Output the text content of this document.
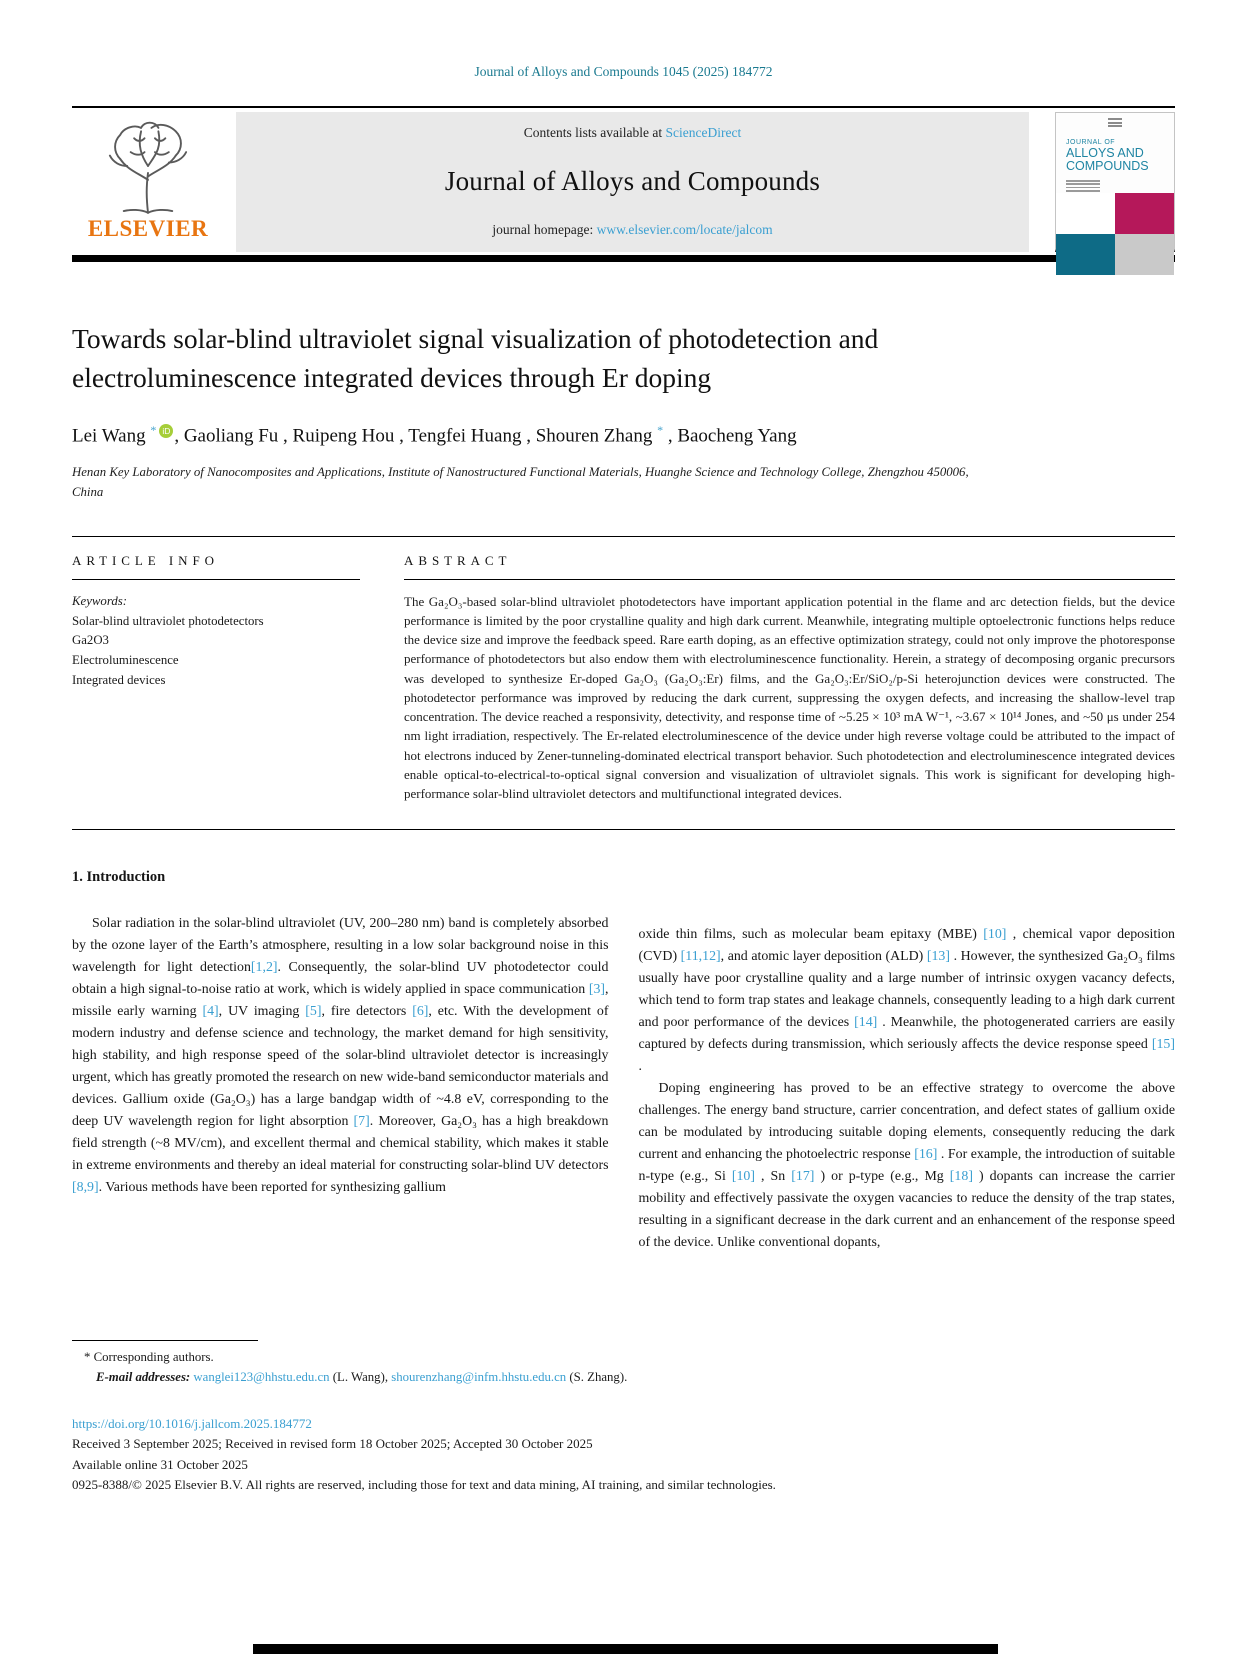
Journal of Alloys and Compounds 1045 (2025) 184772
ELSEVIER
Contents lists available at ScienceDirect
Journal of Alloys and Compounds
journal homepage: www.elsevier.com/locate/jalcom
JOURNAL OF
ALLOYS AND
COMPOUNDS
Towards solar-blind ultraviolet signal visualization of photodetection and electroluminescence integrated devices through Er doping
Lei Wang * iD , Gaoliang Fu , Ruipeng Hou , Tengfei Huang , Shouren Zhang * , Baocheng Yang
Henan Key Laboratory of Nanocomposites and Applications, Institute of Nanostructured Functional Materials, Huanghe Science and Technology College, Zhengzhou 450006, China
ARTICLE INFO
Keywords:
Solar-blind ultraviolet photodetectors
Ga2O3
Electroluminescence
Integrated devices
ABSTRACT
The Ga₂O₃-based solar-blind ultraviolet photodetectors have important application potential in the flame and arc detection fields, but the device performance is limited by the poor crystalline quality and high dark current. Meanwhile, integrating multiple optoelectronic functions helps reduce the device size and improve the feedback speed. Rare earth doping, as an effective optimization strategy, could not only improve the photoresponse performance of photodetectors but also endow them with electroluminescence functionality. Herein, a strategy of decomposing organic precursors was developed to synthesize Er-doped Ga₂O₃ (Ga₂O₃:Er) films, and the Ga₂O₃:Er/SiO₂/p-Si heterojunction devices were constructed. The photodetector performance was improved by reducing the dark current, suppressing the oxygen defects, and increasing the shallow-level trap concentration. The device reached a responsivity, detectivity, and response time of ~5.25 × 10³ mA W⁻¹, ~3.67 × 10¹⁴ Jones, and ~50 μs under 254 nm light irradiation, respectively. The Er-related electroluminescence of the device under high reverse voltage could be attributed to the impact of hot electrons induced by Zener-tunneling-dominated electrical transport behavior. Such photodetection and electroluminescence integrated devices enable optical-to-electrical-to-optical signal conversion and visualization of ultraviolet signals. This work is significant for developing high-performance solar-blind ultraviolet detectors and multifunctional integrated devices.
1. Introduction

Solar radiation in the solar-blind ultraviolet (UV, 200–280 nm) band is completely absorbed by the ozone layer of the Earth’s atmosphere, resulting in a low solar background noise in this wavelength for light detection[1,2]. Consequently, the solar-blind UV photodetector could obtain a high signal-to-noise ratio at work, which is widely applied in space communication [3], missile early warning [4], UV imaging [5], fire detectors [6], etc. With the development of modern industry and defense science and technology, the market demand for high sensitivity, high stability, and high response speed of the solar-blind ultraviolet detector is increasingly urgent, which has greatly promoted the research on new wide-band semiconductor materials and devices. Gallium oxide (Ga₂O₃) has a large bandgap width of ~4.8 eV, corresponding to the deep UV wavelength region for light absorption [7]. Moreover, Ga₂O₃ has a high breakdown field strength (~8 MV/cm), and excellent thermal and chemical stability, which makes it stable in extreme environments and thereby an ideal material for constructing solar-blind UV detectors [8,9]. Various methods have been reported for synthesizing gallium

oxide thin films, such as molecular beam epitaxy (MBE) [10] , chemical vapor deposition (CVD) [11,12], and atomic layer deposition (ALD) [13] . However, the synthesized Ga₂O₃ films usually have poor crystalline quality and a large number of intrinsic oxygen vacancy defects, which tend to form trap states and leakage channels, consequently leading to a high dark current and poor performance of the devices [14] . Meanwhile, the photogenerated carriers are easily captured by defects during transmission, which seriously affects the device response speed [15] .

Doping engineering has proved to be an effective strategy to overcome the above challenges. The energy band structure, carrier concentration, and defect states of gallium oxide can be modulated by introducing suitable doping elements, consequently reducing the dark current and enhancing the photoelectric response [16] . For example, the introduction of suitable n-type (e.g., Si [10] , Sn [17] ) or p-type (e.g., Mg [18] ) dopants can increase the carrier mobility and effectively passivate the oxygen vacancies to reduce the density of the trap states, resulting in a significant decrease in the dark current and an enhancement of the response speed of the device. Unlike conventional dopants,

* Corresponding authors.
E-mail addresses: wanglei123@hhstu.edu.cn (L. Wang), shourenzhang@infm.hhstu.edu.cn (S. Zhang).
https://doi.org/10.1016/j.jallcom.2025.184772
Received 3 September 2025; Received in revised form 18 October 2025; Accepted 30 October 2025
Available online 31 October 2025
0925-8388/© 2025 Elsevier B.V. All rights are reserved, including those for text and data mining, AI training, and similar technologies.
